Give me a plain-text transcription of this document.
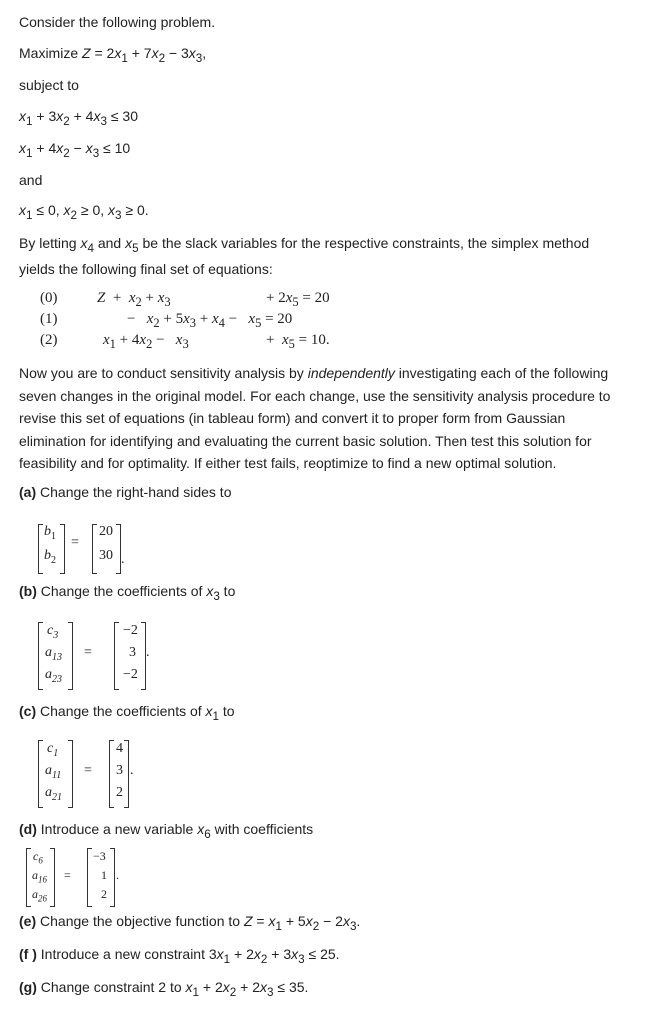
Consider the following problem.
Maximize $Z = 2x_1 + 7x_2 - 3x_3$,
subject to
$x_1 + 3x_2 + 4x_3 \le 30$
$x_1 + 4x_2 - x_3 \le 10$
and
$x_1 \le 0$, $x_2 \ge 0$, $x_3 \ge 0$.
By letting $x_4$ and $x_5$ be the slack variables for the respective constraints, the simplex method
yields the following final set of equations:
(0)	$Z + x_2 + x_3$	+ $2x_5 = 20$
(1)	−   $x_2 + 5x_3 + x_4 - x_5 = 20$
(2)	$x_1 + 4x_2 - x_3$	+  $x_5 = 10$.
Now you are to conduct sensitivity analysis by independently investigating each of the following
seven changes in the original model. For each change, use the sensitivity analysis procedure to
revise this set of equations (in tableau form) and convert it to proper form from Gaussian
elimination for identifying and evaluating the current basic solution. Then test this solution for
feasibility and for optimality. If either test fails, reoptimize to find a new optimal solution.
(a) Change the right-hand sides to
$b_1$
$b_2$
=
20
30 .
(b) Change the coefficients of $x_3$ to
$c_3$
$a_{13}$
$a_{23}$
=
−2
3
−2
.
(c) Change the coefficients of $x_1$ to
$c_1$
$a_{11}$
$a_{21}$
=
4
3
2
.
(d) Introduce a new variable $x_6$ with coefficients
$c_6$
$a_{16}$
$a_{26}$
=
−3
1
2
.
(e) Change the objective function to $Z = x_1 + 5x_2 - 2x_3$.
(f ) Introduce a new constraint $3x_1 + 2x_2 + 3x_3 \le 25$.
(g) Change constraint 2 to $x_1 + 2x_2 + 2x_3 \le 35$.
